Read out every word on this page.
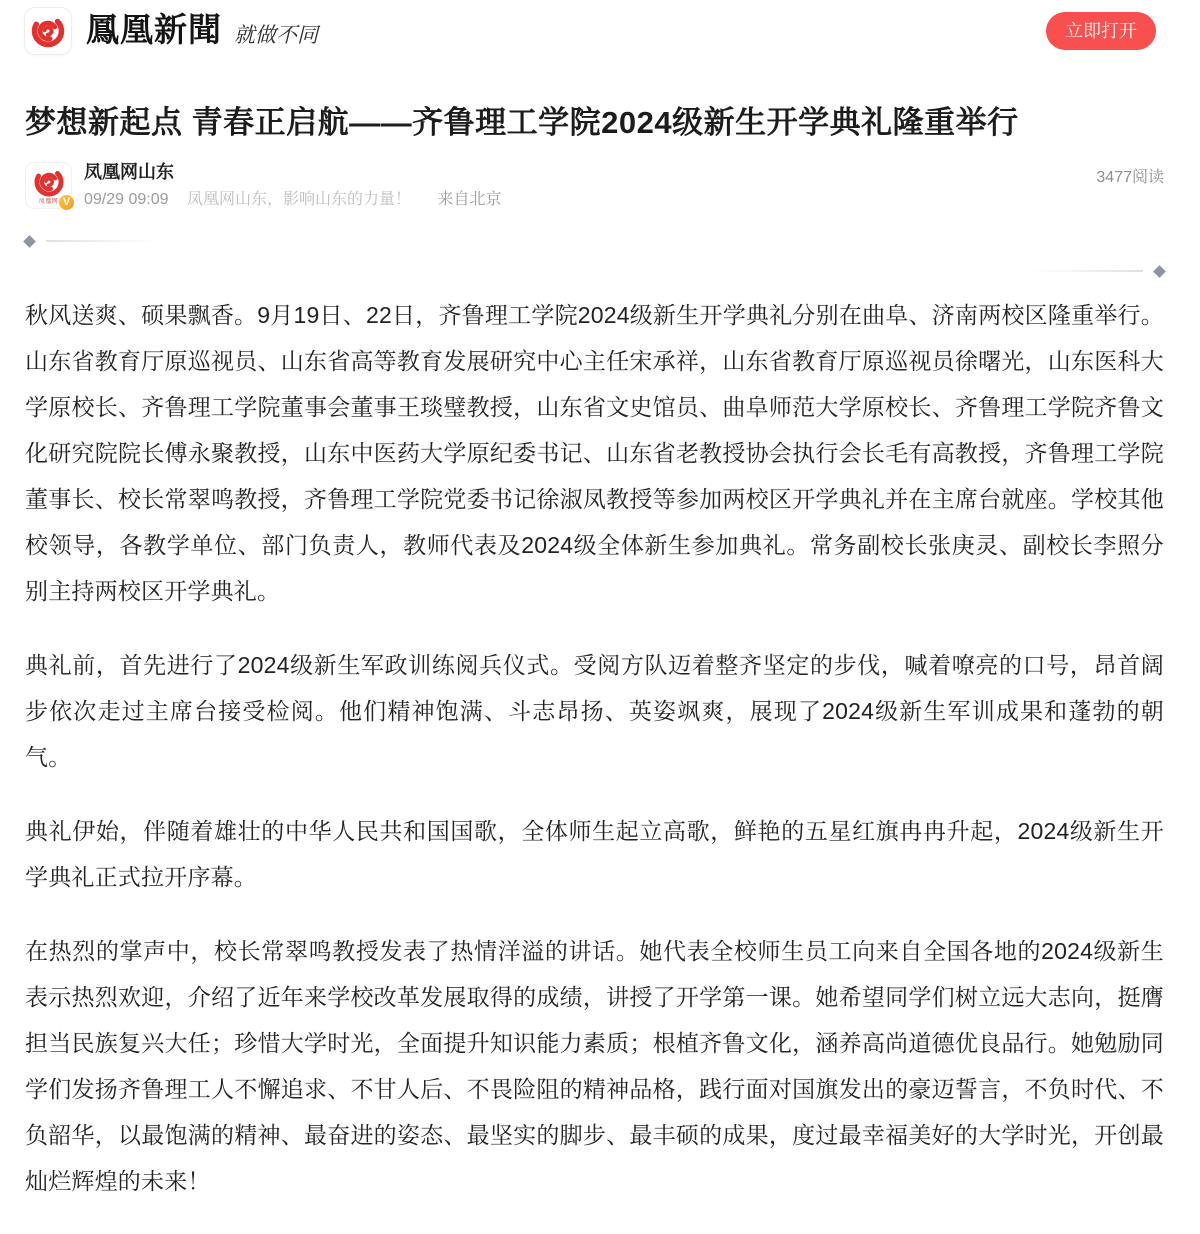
鳳凰新聞 就做不同	立即打开
梦想新起点 青春正启航——齐鲁理工学院2024级新生开学典礼隆重举行
凤凰网 V
凤凰网山东
09/29 09:09 凤凰网山东，影响山东的力量！ 来自北京
3477阅读

秋风送爽、硕果飘香。9月19日、22日，齐鲁理工学院2024级新生开学典礼分别在曲阜、济南两校区隆重举行。山东省教育厅原巡视员、山东省高等教育发展研究中心主任宋承祥，山东省教育厅原巡视员徐曙光，山东医科大学原校长、齐鲁理工学院董事会董事王琰璧教授，山东省文史馆员、曲阜师范大学原校长、齐鲁理工学院齐鲁文化研究院院长傅永聚教授，山东中医药大学原纪委书记、山东省老教授协会执行会长毛有高教授，齐鲁理工学院董事长、校长常翠鸣教授，齐鲁理工学院党委书记徐淑凤教授等参加两校区开学典礼并在主席台就座。学校其他校领导，各教学单位、部门负责人，教师代表及2024级全体新生参加典礼。常务副校长张庚灵、副校长李照分别主持两校区开学典礼。

典礼前，首先进行了2024级新生军政训练阅兵仪式。受阅方队迈着整齐坚定的步伐，喊着嘹亮的口号，昂首阔步依次走过主席台接受检阅。他们精神饱满、斗志昂扬、英姿飒爽，展现了2024级新生军训成果和蓬勃的朝气。

典礼伊始，伴随着雄壮的中华人民共和国国歌，全体师生起立高歌，鲜艳的五星红旗冉冉升起，2024级新生开学典礼正式拉开序幕。

在热烈的掌声中，校长常翠鸣教授发表了热情洋溢的讲话。她代表全校师生员工向来自全国各地的2024级新生表示热烈欢迎，介绍了近年来学校改革发展取得的成绩，讲授了开学第一课。她希望同学们树立远大志向，挺膺担当民族复兴大任；珍惜大学时光，全面提升知识能力素质；根植齐鲁文化，涵养高尚道德优良品行。她勉励同学们发扬齐鲁理工人不懈追求、不甘人后、不畏险阻的精神品格，践行面对国旗发出的豪迈誓言，不负时代、不负韶华，以最饱满的精神、最奋进的姿态、最坚实的脚步、最丰硕的成果，度过最幸福美好的大学时光，开创最灿烂辉煌的未来！
